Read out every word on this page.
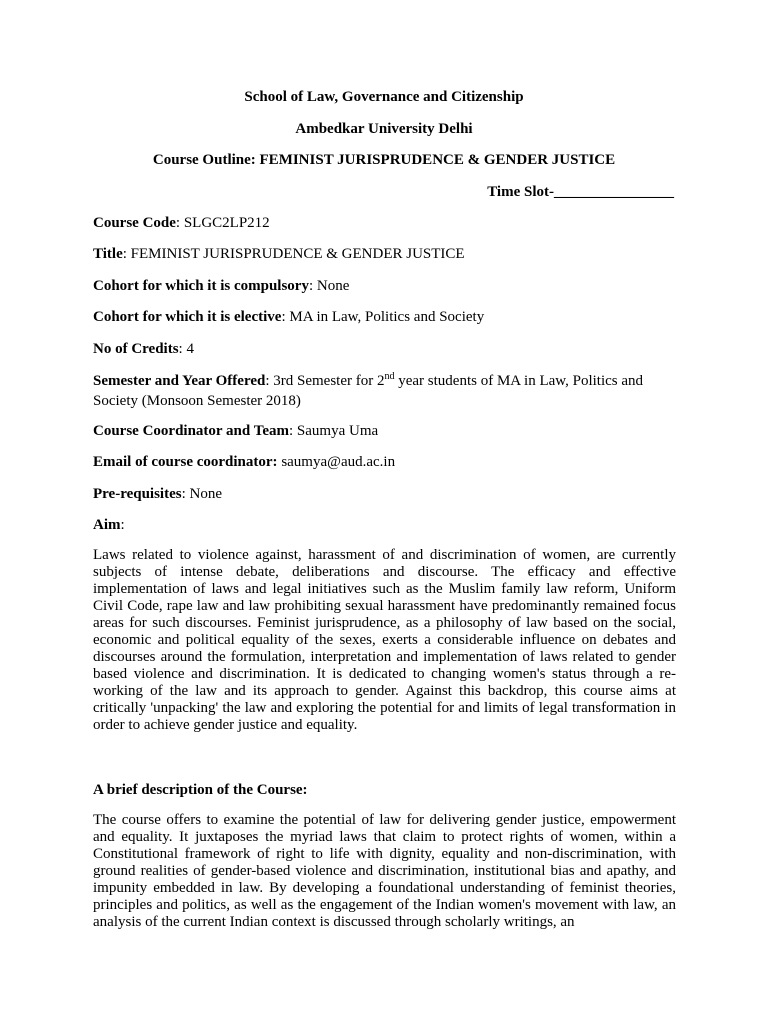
School of Law, Governance and Citizenship
Ambedkar University Delhi
Course Outline: FEMINIST JURISPRUDENCE & GENDER JUSTICE
Time Slot-________________
Course Code: SLGC2LP212
Title: FEMINIST JURISPRUDENCE & GENDER JUSTICE
Cohort for which it is compulsory: None
Cohort for which it is elective: MA in Law, Politics and Society
No of Credits: 4
Semester and Year Offered: 3rd Semester for 2nd year students of MA in Law, Politics and Society (Monsoon Semester 2018)
Course Coordinator and Team: Saumya Uma
Email of course coordinator: saumya@aud.ac.in
Pre-requisites: None
Aim:
Laws related to violence against, harassment of and discrimination of women, are currently subjects of intense debate, deliberations and discourse. The efficacy and effective implementation of laws and legal initiatives such as the Muslim family law reform, Uniform Civil Code, rape law and law prohibiting sexual harassment have predominantly remained focus areas for such discourses. Feminist jurisprudence, as a philosophy of law based on the social, economic and political equality of the sexes, exerts a considerable influence on debates and discourses around the formulation, interpretation and implementation of laws related to gender based violence and discrimination. It is dedicated to changing women's status through a re-working of the law and its approach to gender. Against this backdrop, this course aims at critically 'unpacking' the law and exploring the potential for and limits of legal transformation in order to achieve gender justice and equality.
A brief description of the Course:
The course offers to examine the potential of law for delivering gender justice, empowerment and equality. It juxtaposes the myriad laws that claim to protect rights of women, within a Constitutional framework of right to life with dignity, equality and non-discrimination, with ground realities of gender-based violence and discrimination, institutional bias and apathy, and impunity embedded in law. By developing a foundational understanding of feminist theories, principles and politics, as well as the engagement of the Indian women's movement with law, an analysis of the current Indian context is discussed through scholarly writings, an
